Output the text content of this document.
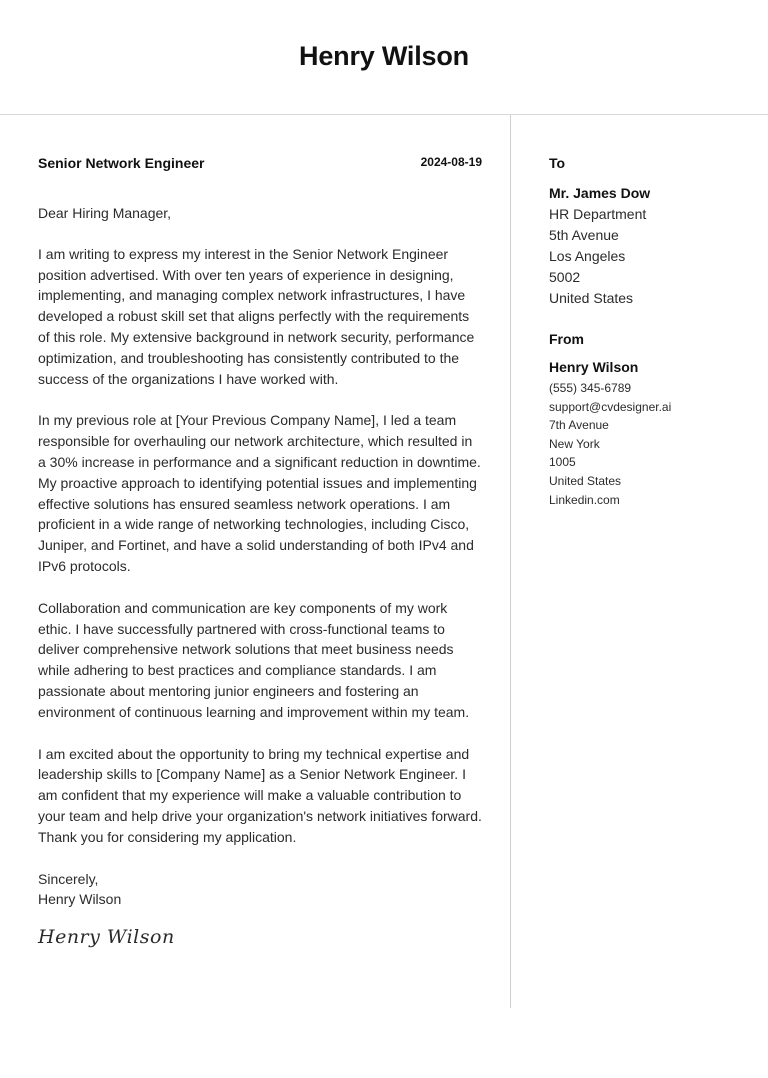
Henry Wilson
Senior Network Engineer	2024-08-19

Dear Hiring Manager,

I am writing to express my interest in the Senior Network Engineer position advertised. With over ten years of experience in designing, implementing, and managing complex network infrastructures, I have developed a robust skill set that aligns perfectly with the requirements of this role. My extensive background in network security, performance optimization, and troubleshooting has consistently contributed to the success of the organizations I have worked with.

In my previous role at [Your Previous Company Name], I led a team responsible for overhauling our network architecture, which resulted in a 30% increase in performance and a significant reduction in downtime. My proactive approach to identifying potential issues and implementing effective solutions has ensured seamless network operations. I am proficient in a wide range of networking technologies, including Cisco, Juniper, and Fortinet, and have a solid understanding of both IPv4 and IPv6 protocols.

Collaboration and communication are key components of my work ethic. I have successfully partnered with cross-functional teams to deliver comprehensive network solutions that meet business needs while adhering to best practices and compliance standards. I am passionate about mentoring junior engineers and fostering an environment of continuous learning and improvement within my team.

I am excited about the opportunity to bring my technical expertise and leadership skills to [Company Name] as a Senior Network Engineer. I am confident that my experience will make a valuable contribution to your team and help drive your organization's network initiatives forward. Thank you for considering my application.

Sincerely,
Henry Wilson
Henry Wilson
To
Mr. James Dow
HR Department
5th Avenue
Los Angeles
5002
United States
From
Henry Wilson
(555) 345-6789
support@cvdesigner.ai
7th Avenue
New York
1005
United States
Linkedin.com
